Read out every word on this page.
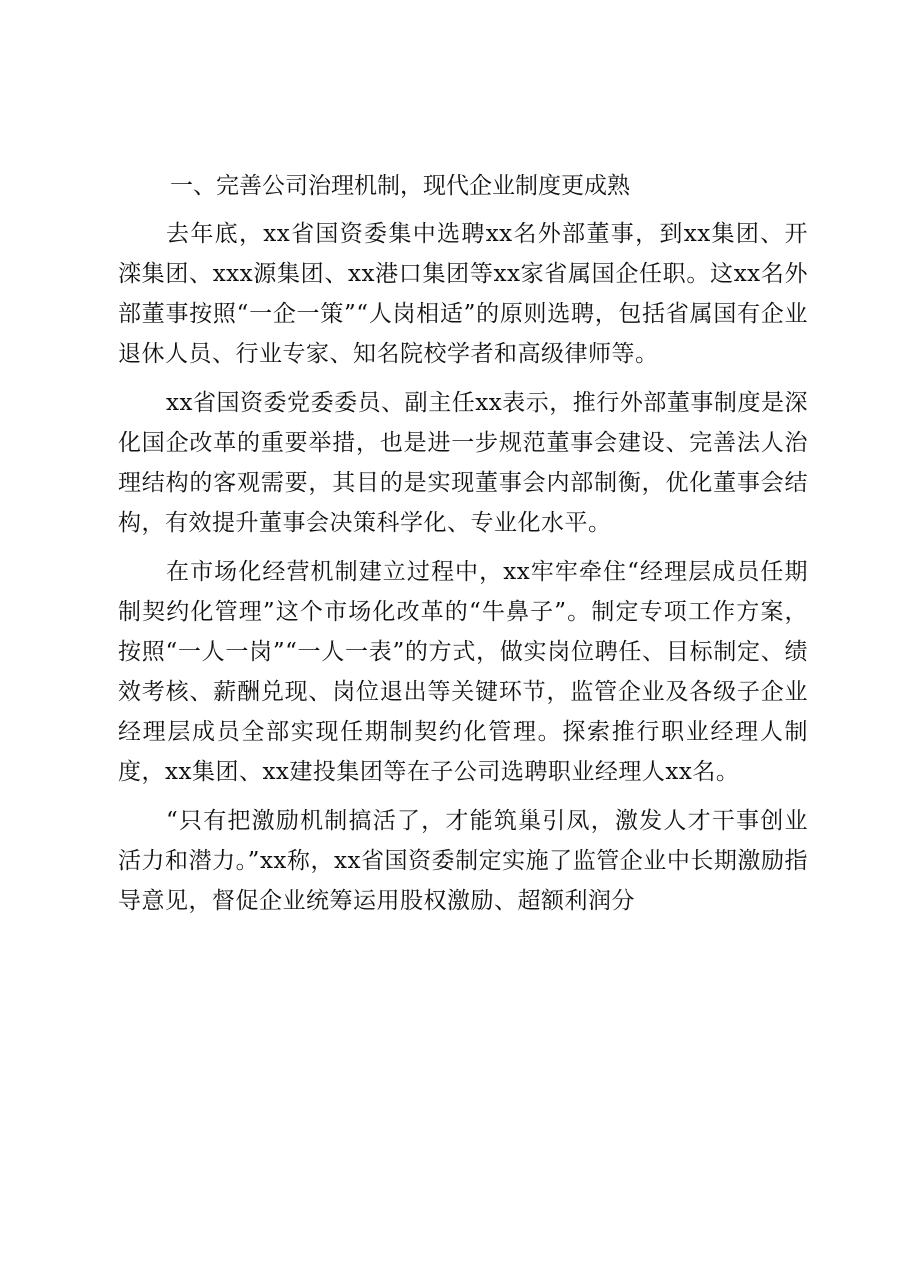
一、完善公司治理机制，现代企业制度更成熟

去年底，xx省国资委集中选聘xx名外部董事，到xx集团、开滦集团、xxx源集团、xx港口集团等xx家省属国企任职。这xx名外部董事按照“一企一策”“人岗相适”的原则选聘，包括省属国有企业退休人员、行业专家、知名院校学者和高级律师等。

xx省国资委党委委员、副主任xx表示，推行外部董事制度是深化国企改革的重要举措，也是进一步规范董事会建设、完善法人治理结构的客观需要，其目的是实现董事会内部制衡，优化董事会结构，有效提升董事会决策科学化、专业化水平。

在市场化经营机制建立过程中，xx牢牢牵住“经理层成员任期制契约化管理”这个市场化改革的“牛鼻子”。制定专项工作方案，按照“一人一岗”“一人一表”的方式，做实岗位聘任、目标制定、绩效考核、薪酬兑现、岗位退出等关键环节，监管企业及各级子企业经理层成员全部实现任期制契约化管理。探索推行职业经理人制度，xx集团、xx建投集团等在子公司选聘职业经理人xx名。

“只有把激励机制搞活了，才能筑巢引凤，激发人才干事创业活力和潜力。”xx称，xx省国资委制定实施了监管企业中长期激励指导意见，督促企业统筹运用股权激励、超额利润分
